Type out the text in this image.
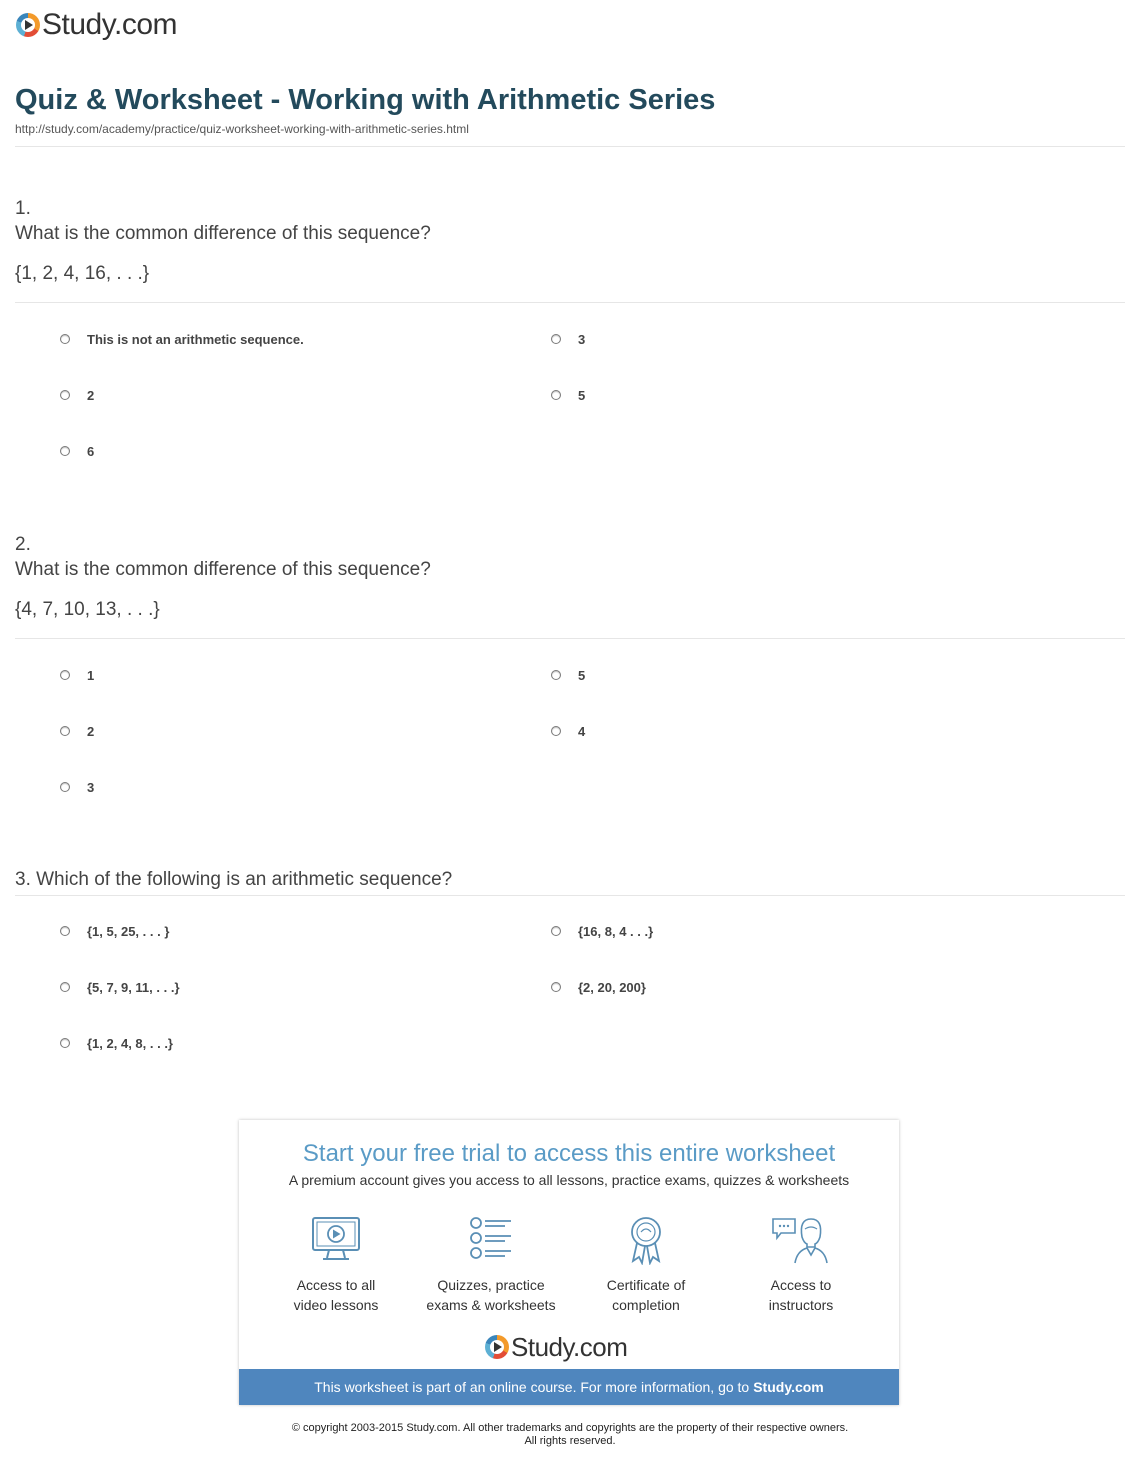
Study.com
Quiz & Worksheet - Working with Arithmetic Series
http://study.com/academy/practice/quiz-worksheet-working-with-arithmetic-series.html
1.
What is the common difference of this sequence?
{1, 2, 4, 16, . . .}
This is not an arithmetic sequence.	3
2	5
6
2.
What is the common difference of this sequence?
{4, 7, 10, 13, . . .}
1	5
2	4
3
3. Which of the following is an arithmetic sequence?
{1, 5, 25, . . . }	{16, 8, 4 . . .}
{5, 7, 9, 11, . . .}	{2, 20, 200}
{1, 2, 4, 8, . . .}
Start your free trial to access this entire worksheet
A premium account gives you access to all lessons, practice exams, quizzes & worksheets
Access to all
video lessons
Quizzes, practice
exams & worksheets
Certificate of
completion
Access to
instructors
Study.com
This worksheet is part of an online course. For more information, go to Study.com
© copyright 2003-2015 Study.com. All other trademarks and copyrights are the property of their respective owners.
All rights reserved.
